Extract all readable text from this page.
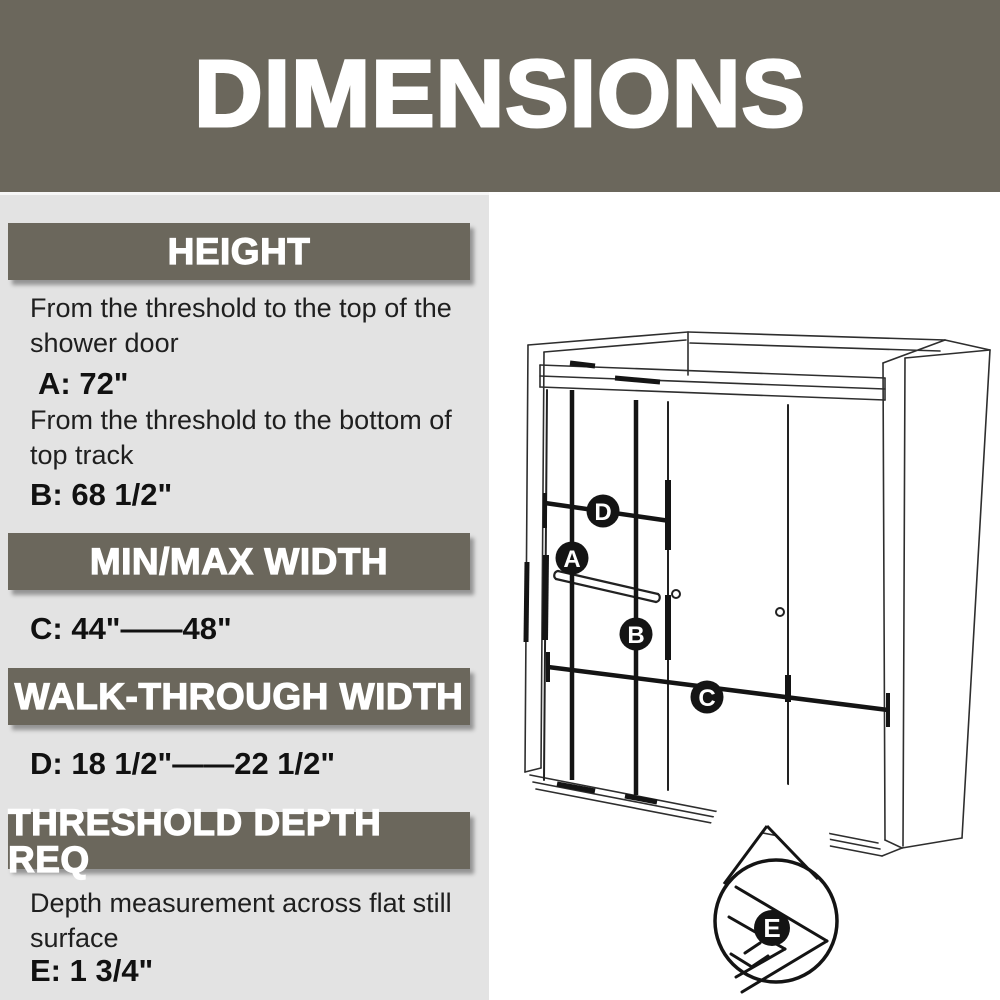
DIMENSIONS
HEIGHT
From the threshold to the top of the shower door
A: 72"
From the threshold to the bottom of top track
B: 68 1/2"
MIN/MAX WIDTH
C: 44"——48"
WALK-THROUGH WIDTH
D: 18 1/2"——22 1/2"
THRESHOLD DEPTH REQ
Depth measurement across flat still surface
E: 1 3/4"
A
B
C
D
E
